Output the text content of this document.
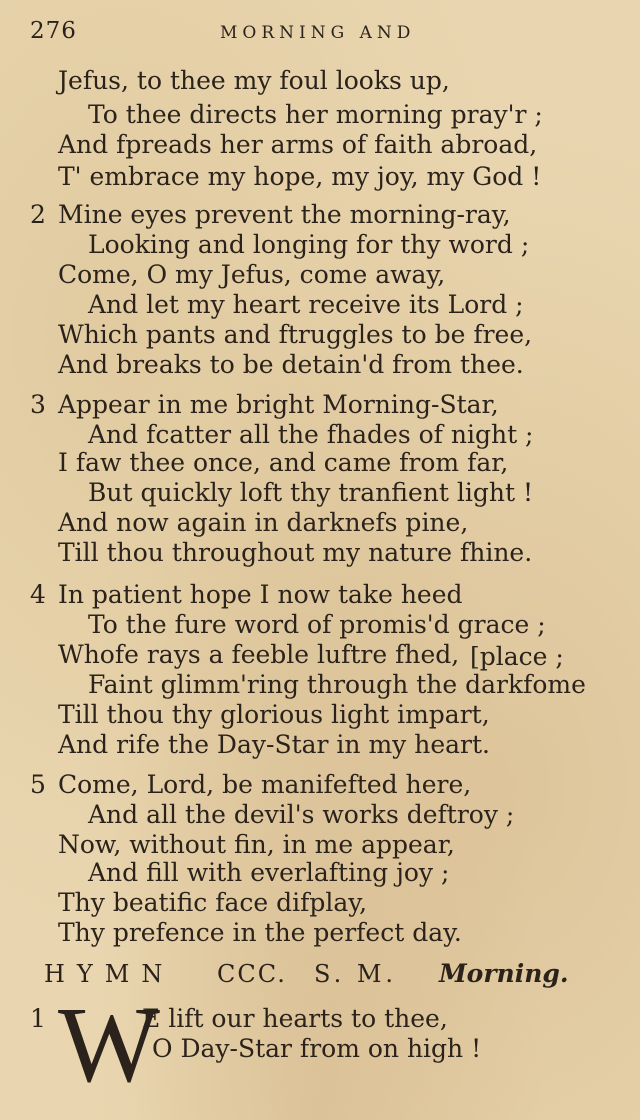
276	MORNING AND
Jefus, to thee my foul looks up,
To thee directs her morning pray'r ;
And fpreads her arms of faith abroad,
T' embrace my hope, my joy, my God !
2 Mine eyes prevent the morning-ray,
Looking and longing for thy word ;
Come, O my Jefus, come away,
And let my heart receive its Lord ;
Which pants and ftruggles to be free,
And breaks to be detain'd from thee.
3 Appear in me bright Morning-Star,
And fcatter all the fhades of night ;
I faw thee once, and came from far,
But quickly loft thy tranfient light !
And now again in darknefs pine,
Till thou throughout my nature fhine.
4 In patient hope I now take heed
To the fure word of promis'd grace ;
Whofe rays a feeble luftre fhed, [place ;
Faint glimm'ring through the darkfome
Till thou thy glorious light impart,
And rife the Day-Star in my heart.
5 Come, Lord, be manifefted here,
And all the devil's works deftroy ;
Now, without fin, in me appear,
And fill with everlafting joy ;
Thy beatific face difplay,
Thy prefence in the perfect day.
HYMN CCC. S. M. Morning.
1 W
E lift our hearts to thee,
O Day-Star from on high !
